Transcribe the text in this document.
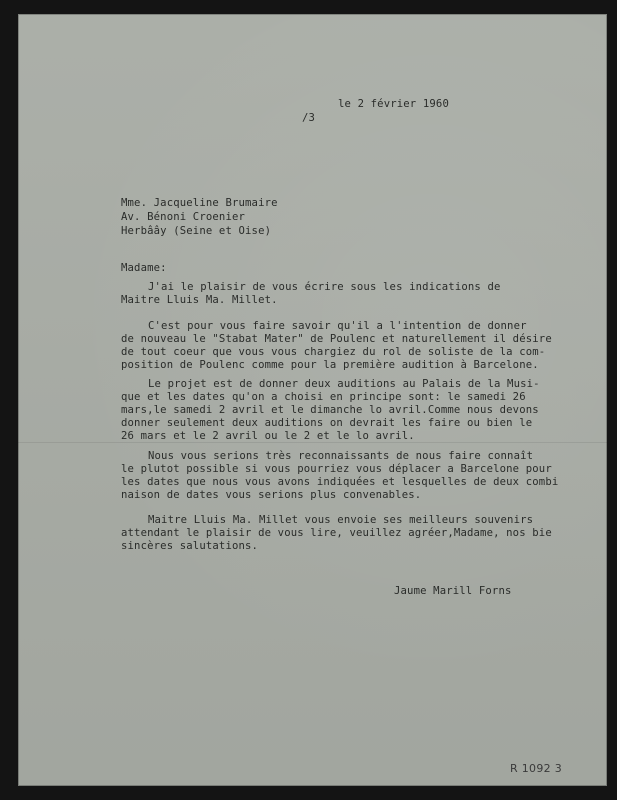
le 2 février 1960
/3
Mme. Jacqueline Brumaire
Av. Bénoni Croenier
Herbâây (Seine et Oise)
Madame:
J'ai le plaisir de vous écrire sous les indications de
Maitre Lluis Ma. Millet.
C'est pour vous faire savoir qu'il a l'intention de donner
de nouveau le "Stabat Mater" de Poulenc et naturellement il désire
de tout coeur que vous vous chargiez du rol de soliste de la com-
position de Poulenc comme pour la première audition à Barcelone.
Le projet est de donner deux auditions au Palais de la Musi-
que et les dates qu'on a choisi en principe sont: le samedi 26
mars,le samedi 2 avril et le dimanche lo avril.Comme nous devons
donner seulement deux auditions on devrait les faire ou bien le
26 mars et le 2 avril ou le 2 et le lo avril.
Nous vous serions très reconnaissants de nous faire connaît
le plutot possible si vous pourriez vous déplacer a Barcelone pour
les dates que nous vous avons indiquées et lesquelles de deux combi
naison de dates vous serions plus convenables.
Maitre Lluis Ma. Millet vous envoie ses meilleurs souvenirs
attendant le plaisir de vous lire, veuillez agréer,Madame, nos bie
sincères salutations.
Jaume Marill Forns
R 1092 3
